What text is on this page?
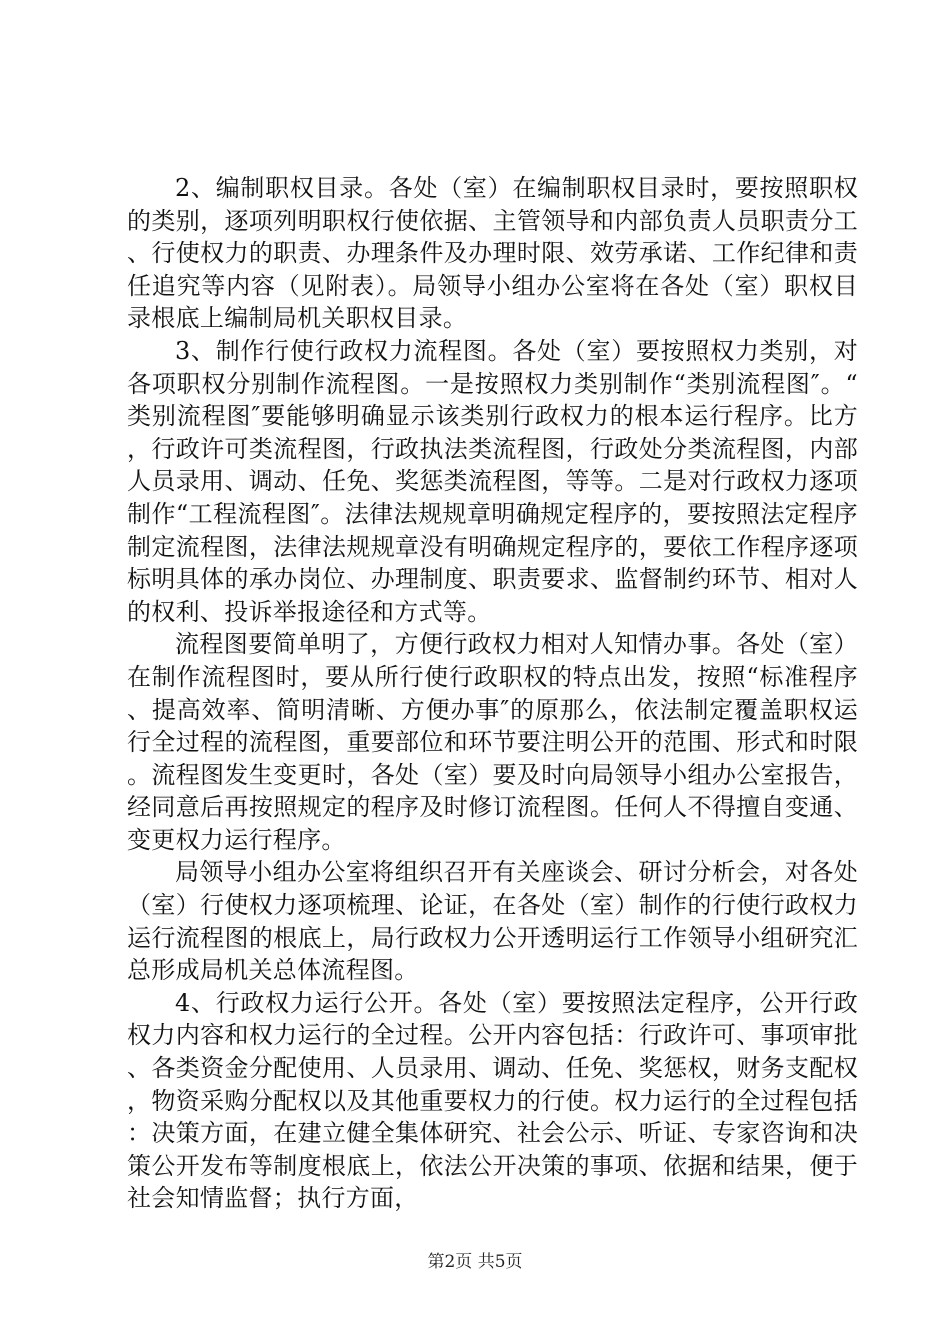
2、编制职权目录。各处（室）在编制职权目录时，要按照职权的类别，逐项列明职权行使依据、主管领导和内部负责人员职责分工、行使权力的职责、办理条件及办理时限、效劳承诺、工作纪律和责任追究等内容（见附表）。局领导小组办公室将在各处（室）职权目录根底上编制局机关职权目录。

3、制作行使行政权力流程图。各处（室）要按照权力类别，对各项职权分别制作流程图。一是按照权力类别制作“类别流程图″。“类别流程图″要能够明确显示该类别行政权力的根本运行程序。比方，行政许可类流程图，行政执法类流程图，行政处分类流程图，内部人员录用、调动、任免、奖惩类流程图，等等。二是对行政权力逐项制作“工程流程图″。法律法规规章明确规定程序的，要按照法定程序制定流程图，法律法规规章没有明确规定程序的，要依工作程序逐项标明具体的承办岗位、办理制度、职责要求、监督制约环节、相对人的权利、投诉举报途径和方式等。

流程图要简单明了，方便行政权力相对人知情办事。各处（室）在制作流程图时，要从所行使行政职权的特点出发，按照“标准程序、提高效率、简明清晰、方便办事″的原那么，依法制定覆盖职权运行全过程的流程图，重要部位和环节要注明公开的范围、形式和时限。流程图发生变更时，各处（室）要及时向局领导小组办公室报告，经同意后再按照规定的程序及时修订流程图。任何人不得擅自变通、变更权力运行程序。

局领导小组办公室将组织召开有关座谈会、研讨分析会，对各处（室）行使权力逐项梳理、论证，在各处（室）制作的行使行政权力运行流程图的根底上，局行政权力公开透明运行工作领导小组研究汇总形成局机关总体流程图。

4、行政权力运行公开。各处（室）要按照法定程序，公开行政权力内容和权力运行的全过程。公开内容包括：行政许可、事项审批、各类资金分配使用、人员录用、调动、任免、奖惩权，财务支配权，物资采购分配权以及其他重要权力的行使。权力运行的全过程包括：决策方面，在建立健全集体研究、社会公示、听证、专家咨询和决策公开发布等制度根底上，依法公开决策的事项、依据和结果，便于社会知情监督；执行方面，

第2页 共5页
